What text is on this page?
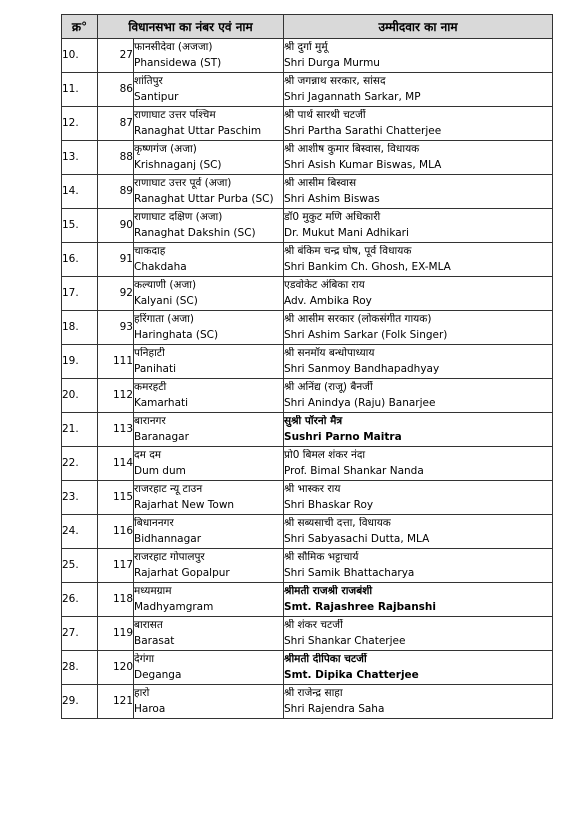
क्र°	विधानसभा का नंबर एवं नाम		उम्मीदवार का नाम
10.	27	फानसीदेवा (अजजा)
Phansidewa (ST)	श्री दुर्गा मुर्मू
Shri Durga Murmu

11.	86	शांतिपुर
Santipur	श्री जगन्नाथ सरकार, सांसद
Shri Jagannath Sarkar, MP

12.	87	राणाघाट उत्तर पश्चिम
Ranaghat Uttar Paschim	श्री पार्थ सारथी चटर्जी
Shri Partha Sarathi Chatterjee

13.	88	कृष्णगंज (अजा)
Krishnaganj (SC)	श्री आशीष कुमार बिस्वास, विधायक
Shri Asish Kumar Biswas, MLA

14.	89	राणाघाट उत्तर पूर्व (अजा)
Ranaghat Uttar Purba (SC)	श्री आसीम बिस्वास
Shri Ashim Biswas

15.	90	राणाघाट दक्षिण (अजा)
Ranaghat Dakshin (SC)	डॉ0 मुकुट मणि अधिकारी
Dr. Mukut Mani Adhikari

16.	91	चाकदाह
Chakdaha	श्री बंकिम चन्द्र घोष, पूर्व विधायक
Shri Bankim Ch. Ghosh, EX-MLA

17.	92	कल्याणी (अजा)
Kalyani (SC)	एडवोकेट अंबिका राय
Adv. Ambika Roy

18.	93	हरिंगाता (अजा)
Haringhata (SC)	श्री आसीम सरकार (लोकसंगीत गायक)
Shri Ashim Sarkar (Folk Singer)

19.	111	पनिहाटी
Panihati	श्री सनमॉय बन्धोपाध्याय
Shri Sanmoy Bandhapadhyay

20.	112	कमरहटी
Kamarhati	श्री अनिंद्य (राजू) बैनर्जी
Shri Anindya (Raju) Banarjee

21.	113	बारानगर
Baranagar	सुश्री पॉरनो मैत्र
Sushri Parno Maitra

22.	114	दम दम
Dum dum	प्रो0 बिमल शंकर नंदा
Prof. Bimal Shankar Nanda

23.	115	राजरहाट न्यू टाउन
Rajarhat New Town	श्री भास्कर राय
Shri Bhaskar Roy

24.	116	बिधाननगर
Bidhannagar	श्री सब्यसाची दत्ता, विधायक
Shri Sabyasachi Dutta, MLA

25.	117	राजरहाट गोपालपुर
Rajarhat Gopalpur	श्री सौमिक भट्टाचार्य
Shri Samik Bhattacharya

26.	118	मध्यमग्राम
Madhyamgram	श्रीमती राजश्री राजबंशी
Smt. Rajashree Rajbanshi

27.	119	बारासत
Barasat	श्री शंकर चटर्जी
Shri Shankar Chaterjee

28.	120	देगंगा
Deganga	श्रीमती दीपिका चटर्जी
Smt. Dipika Chatterjee

29.	121	हारो
Haroa	श्री राजेन्द्र साहा
Shri Rajendra Saha
